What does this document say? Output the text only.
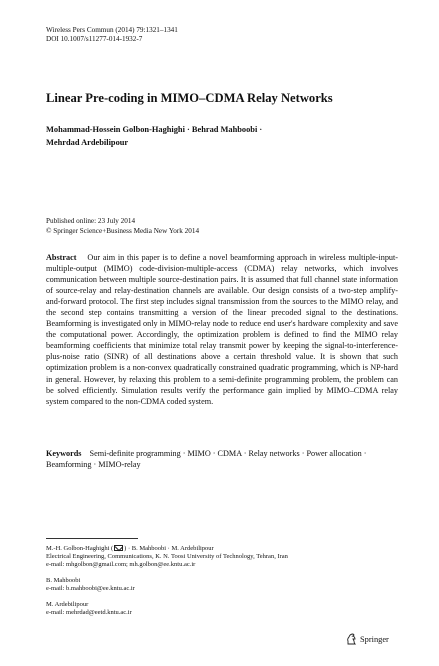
Wireless Pers Commun (2014) 79:1321–1341
DOI 10.1007/s11277-014-1932-7
Linear Pre-coding in MIMO–CDMA Relay Networks
Mohammad-Hossein Golbon-Haghighi · Behrad Mahboobi ·
Mehrdad Ardebilipour
Published online: 23 July 2014
© Springer Science+Business Media New York 2014
Abstract Our aim in this paper is to define a novel beamforming approach in wireless multiple-input-multiple-output (MIMO) code-division-multiple-access (CDMA) relay networks, which involves communication between multiple source-destination pairs. It is assumed that full channel state information of source-relay and relay-destination channels are available. Our design consists of a two-step amplify-and-forward protocol. The first step includes signal transmission from the sources to the MIMO relay, and the second step contains transmitting a version of the linear precoded signal to the destinations. Beamforming is investigated only in MIMO-relay node to reduce end user's hardware complexity and save the computational power. Accordingly, the optimization problem is defined to find the MIMO relay beamforming coefficients that minimize total relay transmit power by keeping the signal-to-interference-plus-noise ratio (SINR) of all destinations above a certain threshold value. It is shown that such optimization problem is a non-convex quadratically constrained quadratic programming, which is NP-hard in general. However, by relaxing this problem to a semi-definite programming problem, the problem can be solved efficiently. Simulation results verify the performance gain implied by MIMO–CDMA relay system compared to the non-CDMA coded system.
Keywords Semi-definite programming · MIMO · CDMA · Relay networks · Power allocation · Beamforming · MIMO-relay
M.-H. Golbon-Haghighi ( ) · B. Mahboobi · M. Ardebilipour
Electrical Engineering, Communications, K. N. Toosi University of Technology, Tehran, Iran
e-mail: mhgolbon@gmail.com; mh.golbon@ee.kntu.ac.ir
B. Mahboobi
e-mail: b.mahboobi@ee.kntu.ac.ir
M. Ardebilipour
e-mail: mehrdad@eetd.kntu.ac.ir
Springer
